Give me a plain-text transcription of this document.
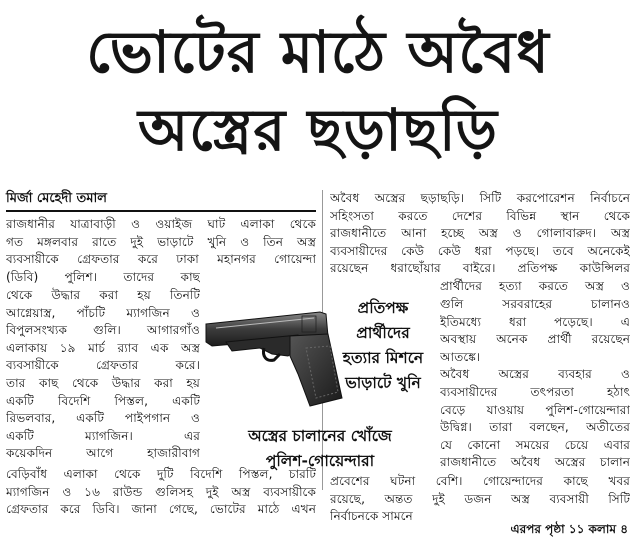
ভোটের মাঠে অবৈধ
অস্ত্রের ছড়াছড়ি
মির্জা মেহেদী তমাল
রাজধানীর যাত্রাবাড়ী ও ওয়াইজ ঘাট এলাকা থেকে
গত মঙ্গলবার রাতে দুই ভাড়াটে খুনি ও তিন অস্ত্র
ব্যবসায়ীকে গ্রেফতার করে ঢাকা মহানগর গোয়েন্দা
(ডিবি) পুলিশ। তাদের কাছ
থেকে উদ্ধার করা হয় তিনটি
আগ্নেয়াস্ত্র, পাঁচটি ম্যাগজিন ও
বিপুলসংখ্যক গুলি। আগারগাঁও
এলাকায় ১৯ মার্চ র‌্যাব এক অস্ত্র
ব্যবসায়ীকে গ্রেফতার করে।
তার কাছ থেকে উদ্ধার করা হয়
একটি বিদেশি পিস্তল, একটি
রিভলবার, একটি পাইপগান ও
একটি ম্যাগজিন। এর
কয়েকদিন আগে হাজারীবাগ
বেড়িবাঁধ এলাকা থেকে দুটি বিদেশি পিস্তল, চারটি
ম্যাগজিন ও ১৬ রাউন্ড গুলিসহ দুই অস্ত্র ব্যবসায়ীকে
গ্রেফতার করে ডিবি। জানা গেছে, ভোটের মাঠে এখন
অবৈধ অস্ত্রের ছড়াছড়ি। সিটি করপোরেশন নির্বাচনে
সহিংসতা করতে দেশের বিভিন্ন স্থান থেকে
রাজধানীতে আনা হচ্ছে অস্ত্র ও গোলাবারুদ। অস্ত্র
ব্যবসায়ীদের কেউ কেউ ধরা পড়ছে। তবে অনেকেই
রয়েছেন ধরাছোঁয়ার বাইরে। প্রতিপক্ষ কাউন্সিলর
প্রার্থীদের হত্যা করতে অস্ত্র ও
গুলি সরবরাহের চালানও
ইতিমধ্যে ধরা পড়েছে। এ
অবস্থায় অনেক প্রার্থী রয়েছেন
আতঙ্কে।
অবৈধ অস্ত্রের ব্যবহার ও
ব্যবসায়ীদের তৎপরতা হঠাৎ
বেড়ে যাওয়ায় পুলিশ-গোয়েন্দারা
উদ্বিগ্ন। তারা বলছেন, অতীতের
যে কোনো সময়ের চেয়ে এবার
রাজধানীতে অবৈধ অস্ত্রের চালান
প্রবেশের ঘটনা বেশি। গোয়েন্দাদের কাছে খবর
রয়েছে, অন্তত দুই ডজন অস্ত্র ব্যবসায়ী সিটি
নির্বাচনকে সামনে
প্রতিপক্ষ
প্রার্থীদের
হত্যার মিশনে
ভাড়াটে খুনি
অস্ত্রের চালানের খোঁজে
পুলিশ-গোয়েন্দারা
এরপর পৃষ্ঠা ১১ কলাম ৪
